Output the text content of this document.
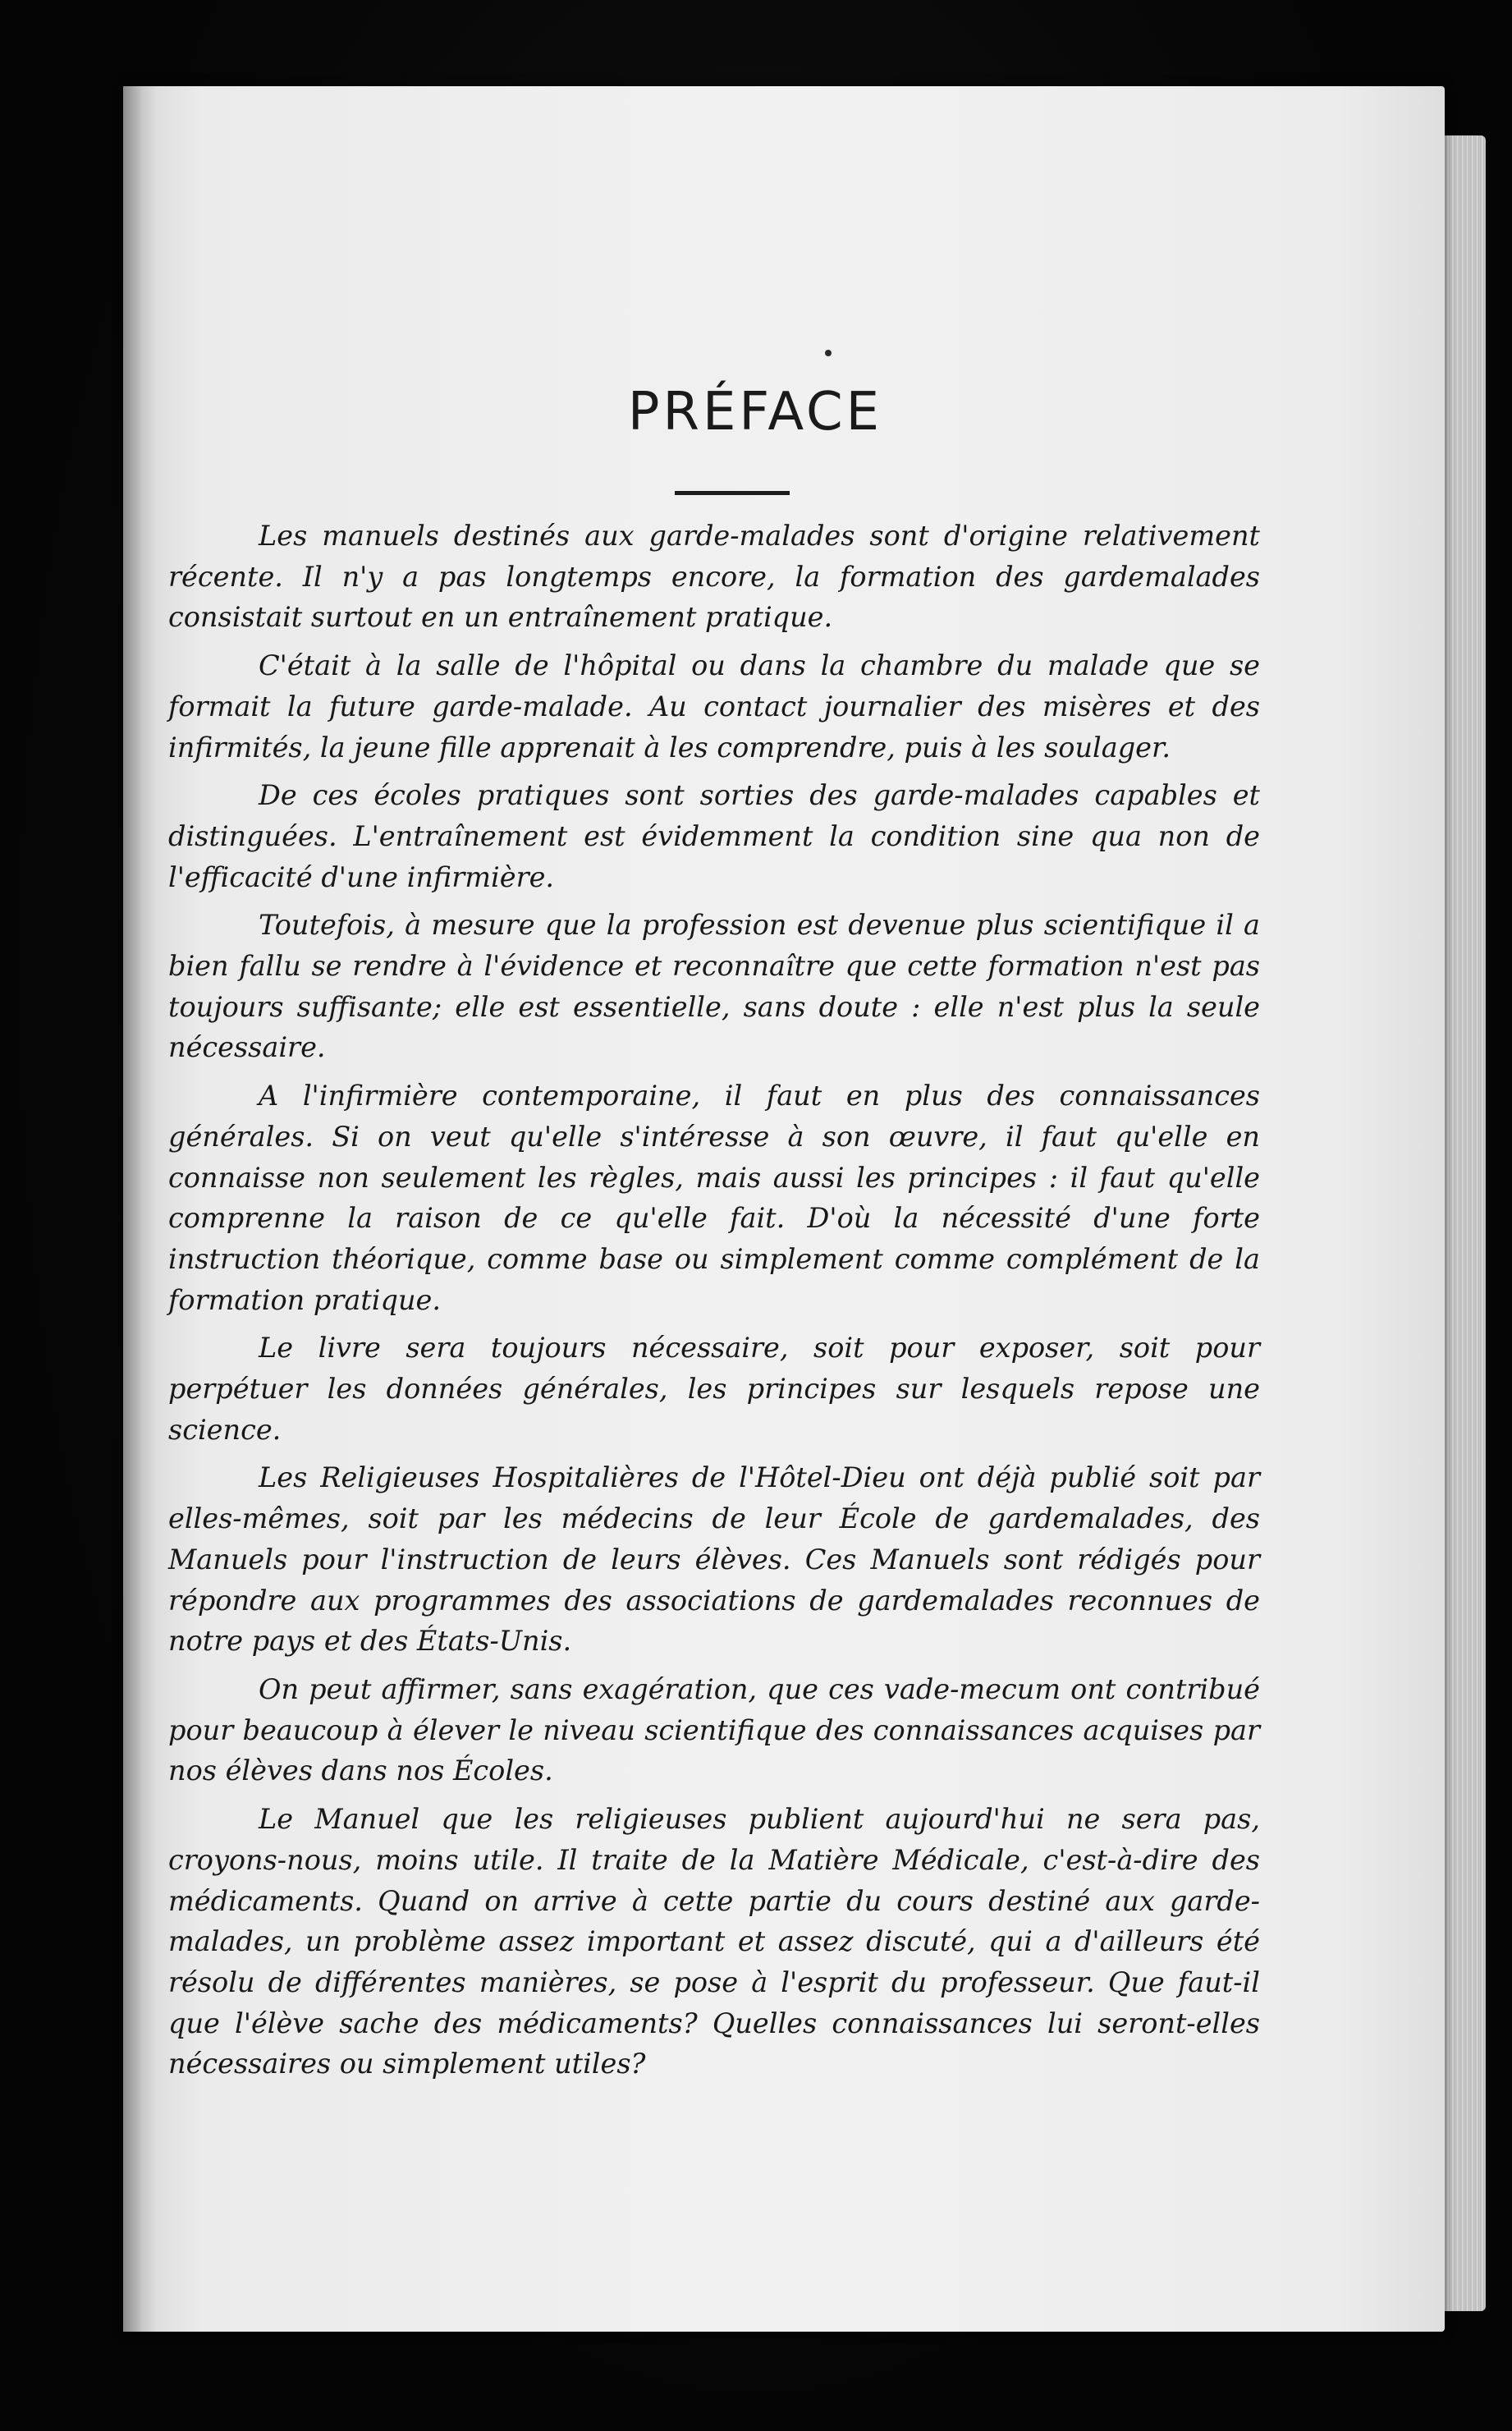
PRÉFACE

Les manuels destinés aux garde-malades sont d'origine relativement récente. Il n'y a pas longtemps encore, la formation des gardemalades consistait surtout en un entraînement pratique.

C'était à la salle de l'hôpital ou dans la chambre du malade que se formait la future garde-malade. Au contact journalier des misères et des infirmités, la jeune fille apprenait à les comprendre, puis à les soulager.

De ces écoles pratiques sont sorties des garde-malades capables et distinguées. L'entraînement est évidemment la condition sine qua non de l'efficacité d'une infirmière.

Toutefois, à mesure que la profession est devenue plus scientifique il a bien fallu se rendre à l'évidence et reconnaître que cette formation n'est pas toujours suffisante; elle est essentielle, sans doute : elle n'est plus la seule nécessaire.

A l'infirmière contemporaine, il faut en plus des connaissances générales. Si on veut qu'elle s'intéresse à son œuvre, il faut qu'elle en connaisse non seulement les règles, mais aussi les principes : il faut qu'elle comprenne la raison de ce qu'elle fait. D'où la nécessité d'une forte instruction théorique, comme base ou simplement comme complément de la formation pratique.

Le livre sera toujours nécessaire, soit pour exposer, soit pour perpétuer les données générales, les principes sur lesquels repose une science.

Les Religieuses Hospitalières de l'Hôtel-Dieu ont déjà publié soit par elles-mêmes, soit par les médecins de leur École de gardemalades, des Manuels pour l'instruction de leurs élèves. Ces Manuels sont rédigés pour répondre aux programmes des associations de gardemalades reconnues de notre pays et des États-Unis.

On peut affirmer, sans exagération, que ces vade-mecum ont contribué pour beaucoup à élever le niveau scientifique des connaissances acquises par nos élèves dans nos Écoles.

Le Manuel que les religieuses publient aujourd'hui ne sera pas, croyons-nous, moins utile. Il traite de la Matière Médicale, c'est-à-dire des médicaments. Quand on arrive à cette partie du cours destiné aux garde-malades, un problème assez important et assez discuté, qui a d'ailleurs été résolu de différentes manières, se pose à l'esprit du professeur. Que faut-il que l'élève sache des médicaments? Quelles connaissances lui seront-elles nécessaires ou simplement utiles?
